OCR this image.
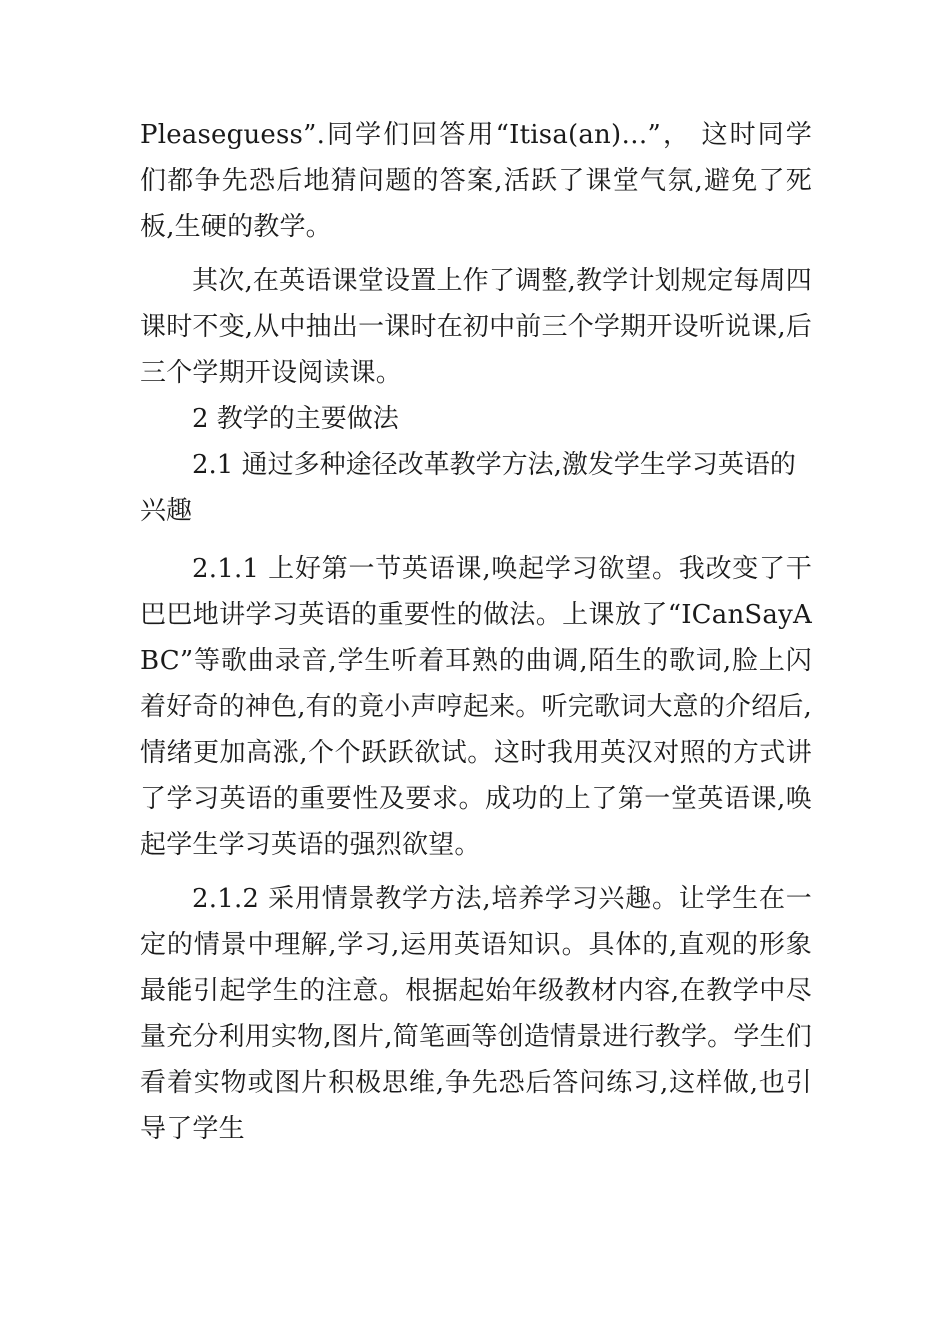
Pleaseguess”.同学们回答用“Itisa(an)…”， 这时同学们都争先恐后地猜问题的答案,活跃了课堂气氛,避免了死板,生硬的教学。

其次,在英语课堂设置上作了调整,教学计划规定每周四课时不变,从中抽出一课时在初中前三个学期开设听说课,后三个学期开设阅读课。

2 教学的主要做法

2.1 通过多种途径改革教学方法,激发学生学习英语的兴趣

2.1.1 上好第一节英语课,唤起学习欲望。我改变了干巴巴地讲学习英语的重要性的做法。上课放了“ICanSayABC”等歌曲录音,学生听着耳熟的曲调,陌生的歌词,脸上闪着好奇的神色,有的竟小声哼起来。听完歌词大意的介绍后,情绪更加高涨,个个跃跃欲试。这时我用英汉对照的方式讲了学习英语的重要性及要求。成功的上了第一堂英语课,唤起学生学习英语的强烈欲望。

2.1.2 采用情景教学方法,培养学习兴趣。让学生在一定的情景中理解,学习,运用英语知识。具体的,直观的形象最能引起学生的注意。根据起始年级教材内容,在教学中尽量充分利用实物,图片,简笔画等创造情景进行教学。学生们看着实物或图片积极思维,争先恐后答问练习,这样做,也引导了学生
